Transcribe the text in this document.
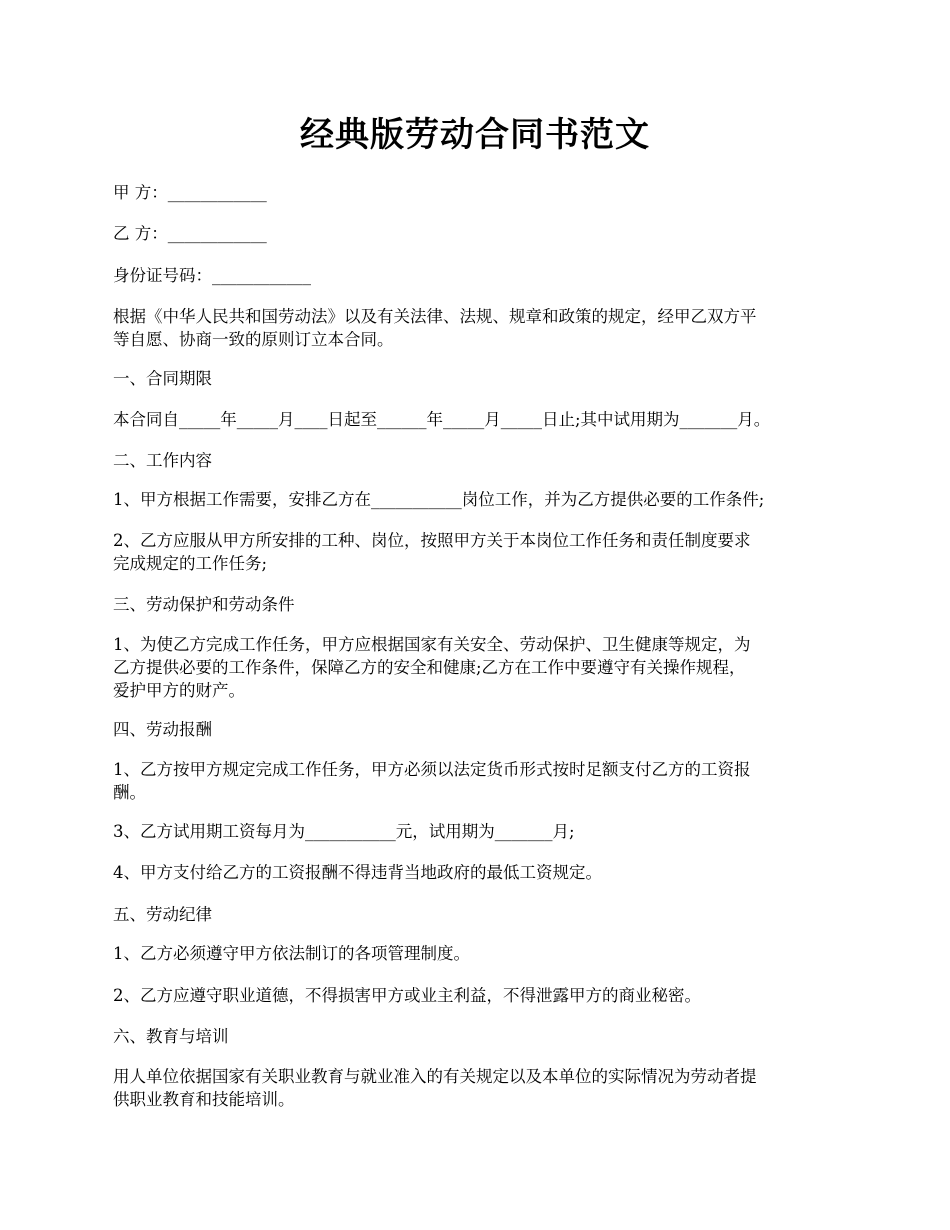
经典版劳动合同书范文

甲 方：____________

乙 方：____________

身份证号码：____________

根据《中华人民共和国劳动法》以及有关法律、法规、规章和政策的规定，经甲乙双方平
等自愿、协商一致的原则订立本合同。

一、合同期限

本合同自_____年_____月____日起至______年_____月_____日止;其中试用期为_______月。

二、工作内容

1、甲方根据工作需要，安排乙方在___________岗位工作，并为乙方提供必要的工作条件;

2、乙方应服从甲方所安排的工种、岗位，按照甲方关于本岗位工作任务和责任制度要求
完成规定的工作任务;

三、劳动保护和劳动条件

1、为使乙方完成工作任务，甲方应根据国家有关安全、劳动保护、卫生健康等规定，为
乙方提供必要的工作条件，保障乙方的安全和健康;乙方在工作中要遵守有关操作规程，
爱护甲方的财产。

四、劳动报酬

1、乙方按甲方规定完成工作任务，甲方必须以法定货币形式按时足额支付乙方的工资报
酬。

3、乙方试用期工资每月为___________元，试用期为_______月;

4、甲方支付给乙方的工资报酬不得违背当地政府的最低工资规定。

五、劳动纪律

1、乙方必须遵守甲方依法制订的各项管理制度。

2、乙方应遵守职业道德，不得损害甲方或业主利益，不得泄露甲方的商业秘密。

六、教育与培训

用人单位依据国家有关职业教育与就业准入的有关规定以及本单位的实际情况为劳动者提
供职业教育和技能培训。
